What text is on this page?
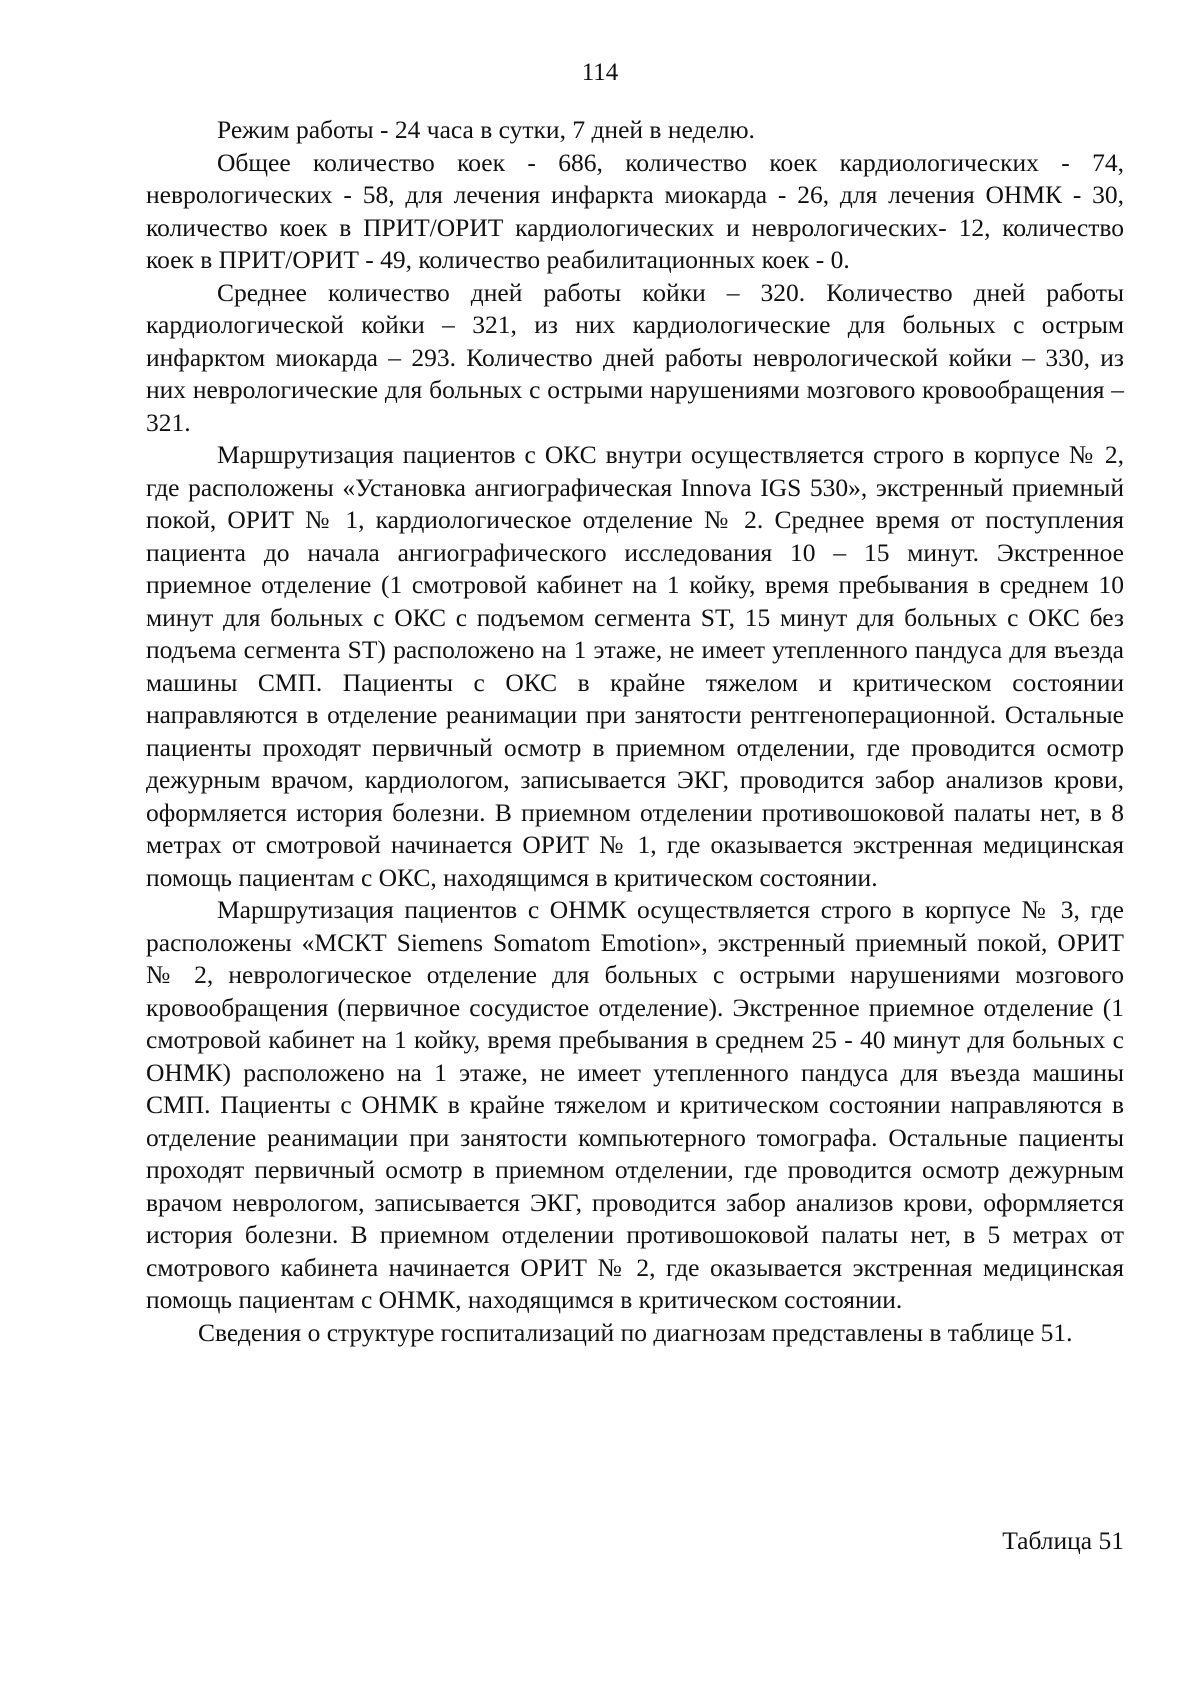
114

Режим работы - 24 часа в сутки, 7 дней в неделю.

Общее количество коек - 686, количество коек кардиологических - 74, неврологических - 58, для лечения инфаркта миокарда - 26, для лечения ОНМК - 30, количество коек в ПРИТ/ОРИТ кардиологических и неврологических- 12, количество коек в ПРИТ/ОРИТ - 49, количество реабилитационных коек - 0.

Среднее количество дней работы койки – 320. Количество дней работы кардиологической койки – 321, из них кардиологические для больных с острым инфарктом миокарда – 293. Количество дней работы неврологической койки – 330, из них неврологические для больных с острыми нарушениями мозгового кровообращения – 321.

Маршрутизация пациентов с ОКС внутри осуществляется строго в корпусе № 2, где расположены «Установка ангиографическая Innova IGS 530», экстренный приемный покой, ОРИТ № 1, кардиологическое отделение № 2. Среднее время от поступления пациента до начала ангиографического исследования 10 – 15 минут. Экстренное приемное отделение (1 смотровой кабинет на 1 койку, время пребывания в среднем 10 минут для больных с ОКС с подъемом сегмента ST, 15 минут для больных с ОКС без подъема сегмента ST) расположено на 1 этаже, не имеет утепленного пандуса для въезда машины СМП. Пациенты с ОКС в крайне тяжелом и критическом состоянии направляются в отделение реанимации при занятости рентгеноперационной. Остальные пациенты проходят первичный осмотр в приемном отделении, где проводится осмотр дежурным врачом, кардиологом, записывается ЭКГ, проводится забор анализов крови, оформляется история болезни. В приемном отделении противошоковой палаты нет, в 8 метрах от смотровой начинается ОРИТ № 1, где оказывается экстренная медицинская помощь пациентам с ОКС, находящимся в критическом состоянии.

Маршрутизация пациентов с ОНМК осуществляется строго в корпусе № 3, где расположены «МСКТ Siemens Somatom Emotion», экстренный приемный покой, ОРИТ № 2, неврологическое отделение для больных с острыми нарушениями мозгового кровообращения (первичное сосудистое отделение). Экстренное приемное отделение (1 смотровой кабинет на 1 койку, время пребывания в среднем 25 - 40 минут для больных с ОНМК) расположено на 1 этаже, не имеет утепленного пандуса для въезда машины СМП. Пациенты с ОНМК в крайне тяжелом и критическом состоянии направляются в отделение реанимации при занятости компьютерного томографа. Остальные пациенты проходят первичный осмотр в приемном отделении, где проводится осмотр дежурным врачом неврологом, записывается ЭКГ, проводится забор анализов крови, оформляется история болезни. В приемном отделении противошоковой палаты нет, в 5 метрах от смотрового кабинета начинается ОРИТ № 2, где оказывается экстренная медицинская помощь пациентам с ОНМК, находящимся в критическом состоянии.

Сведения о структуре госпитализаций по диагнозам представлены в таблице 51.

Таблица 51
